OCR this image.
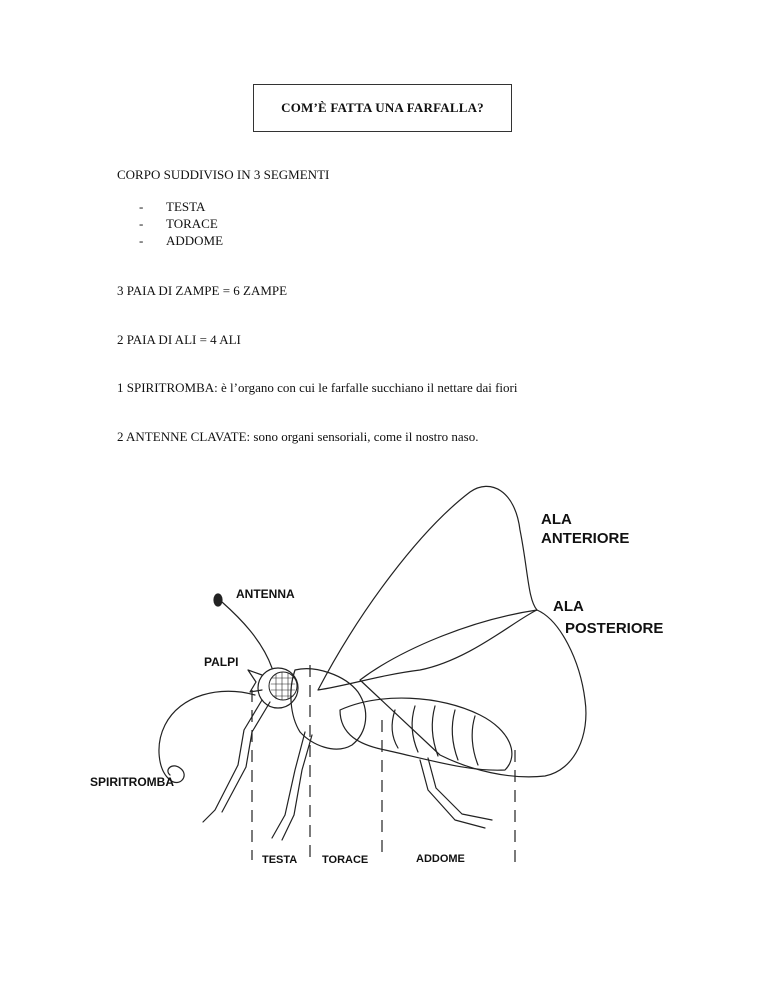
COM’È FATTA UNA FARFALLA?
CORPO SUDDIVISO IN 3 SEGMENTI
- TESTA
- TORACE
- ADDOME
3 PAIA DI ZAMPE = 6 ZAMPE
2 PAIA DI ALI = 4 ALI
1 SPIRITROMBA: è l’organo con cui le farfalle succhiano il nettare dai fiori
2 ANTENNE CLAVATE: sono organi sensoriali, come il nostro naso.
ALA
ANTERIORE
ALA
POSTERIORE
ANTENNA
PALPI
SPIRITROMBA
TESTA TORACE	ADDOME
